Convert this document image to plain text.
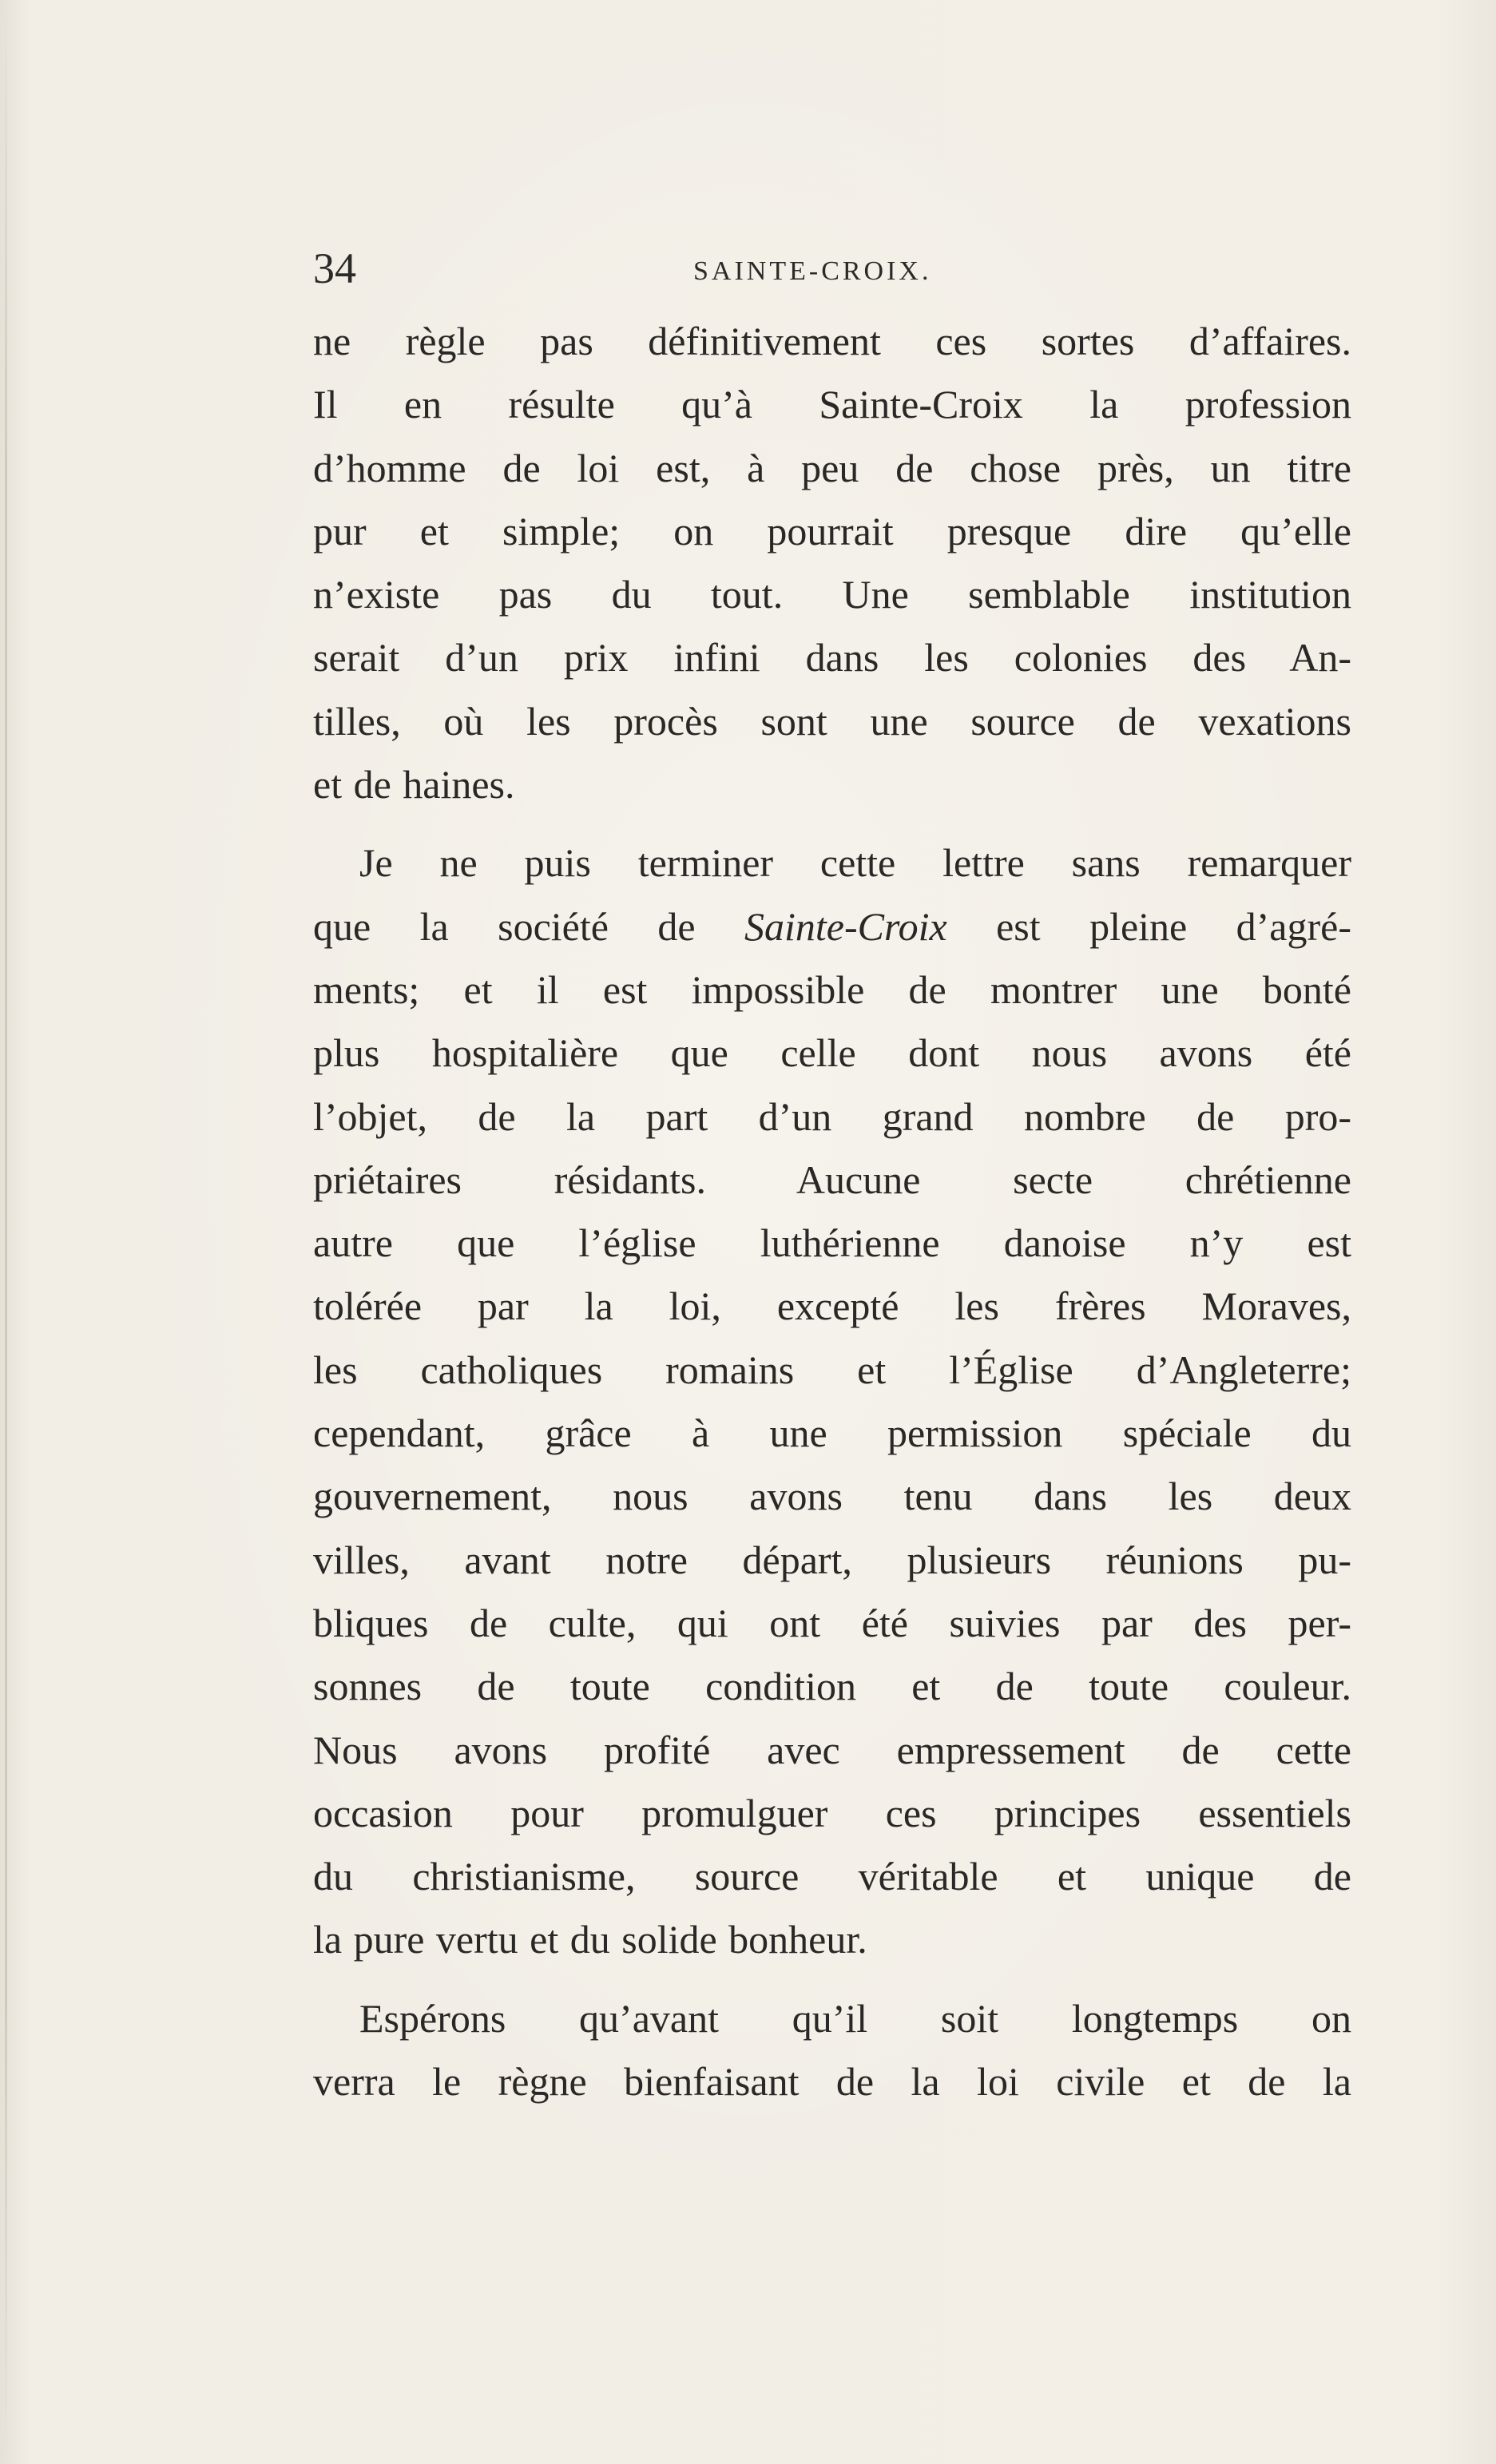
34	SAINTE-CROIX.
ne règle pas définitivement ces sortes d’affaires.
Il en résulte qu’à Sainte-Croix la profession
d’homme de loi est, à peu de chose près, un titre
pur et simple; on pourrait presque dire qu’elle
n’existe pas du tout. Une semblable institution
serait d’un prix infini dans les colonies des An-
tilles, où les procès sont une source de vexations
et de haines.
Je ne puis terminer cette lettre sans remarquer
que la société de Sainte-Croix est pleine d’agré-
ments; et il est impossible de montrer une bonté
plus hospitalière que celle dont nous avons été
l’objet, de la part d’un grand nombre de pro-
priétaires résidants. Aucune secte chrétienne
autre que l’église luthérienne danoise n’y est
tolérée par la loi, excepté les frères Moraves,
les catholiques romains et l’Église d’Angleterre;
cependant, grâce à une permission spéciale du
gouvernement, nous avons tenu dans les deux
villes, avant notre départ, plusieurs réunions pu-
bliques de culte, qui ont été suivies par des per-
sonnes de toute condition et de toute couleur.
Nous avons profité avec empressement de cette
occasion pour promulguer ces principes essentiels
du christianisme, source véritable et unique de
la pure vertu et du solide bonheur.
Espérons qu’avant qu’il soit longtemps on
verra le règne bienfaisant de la loi civile et de la
